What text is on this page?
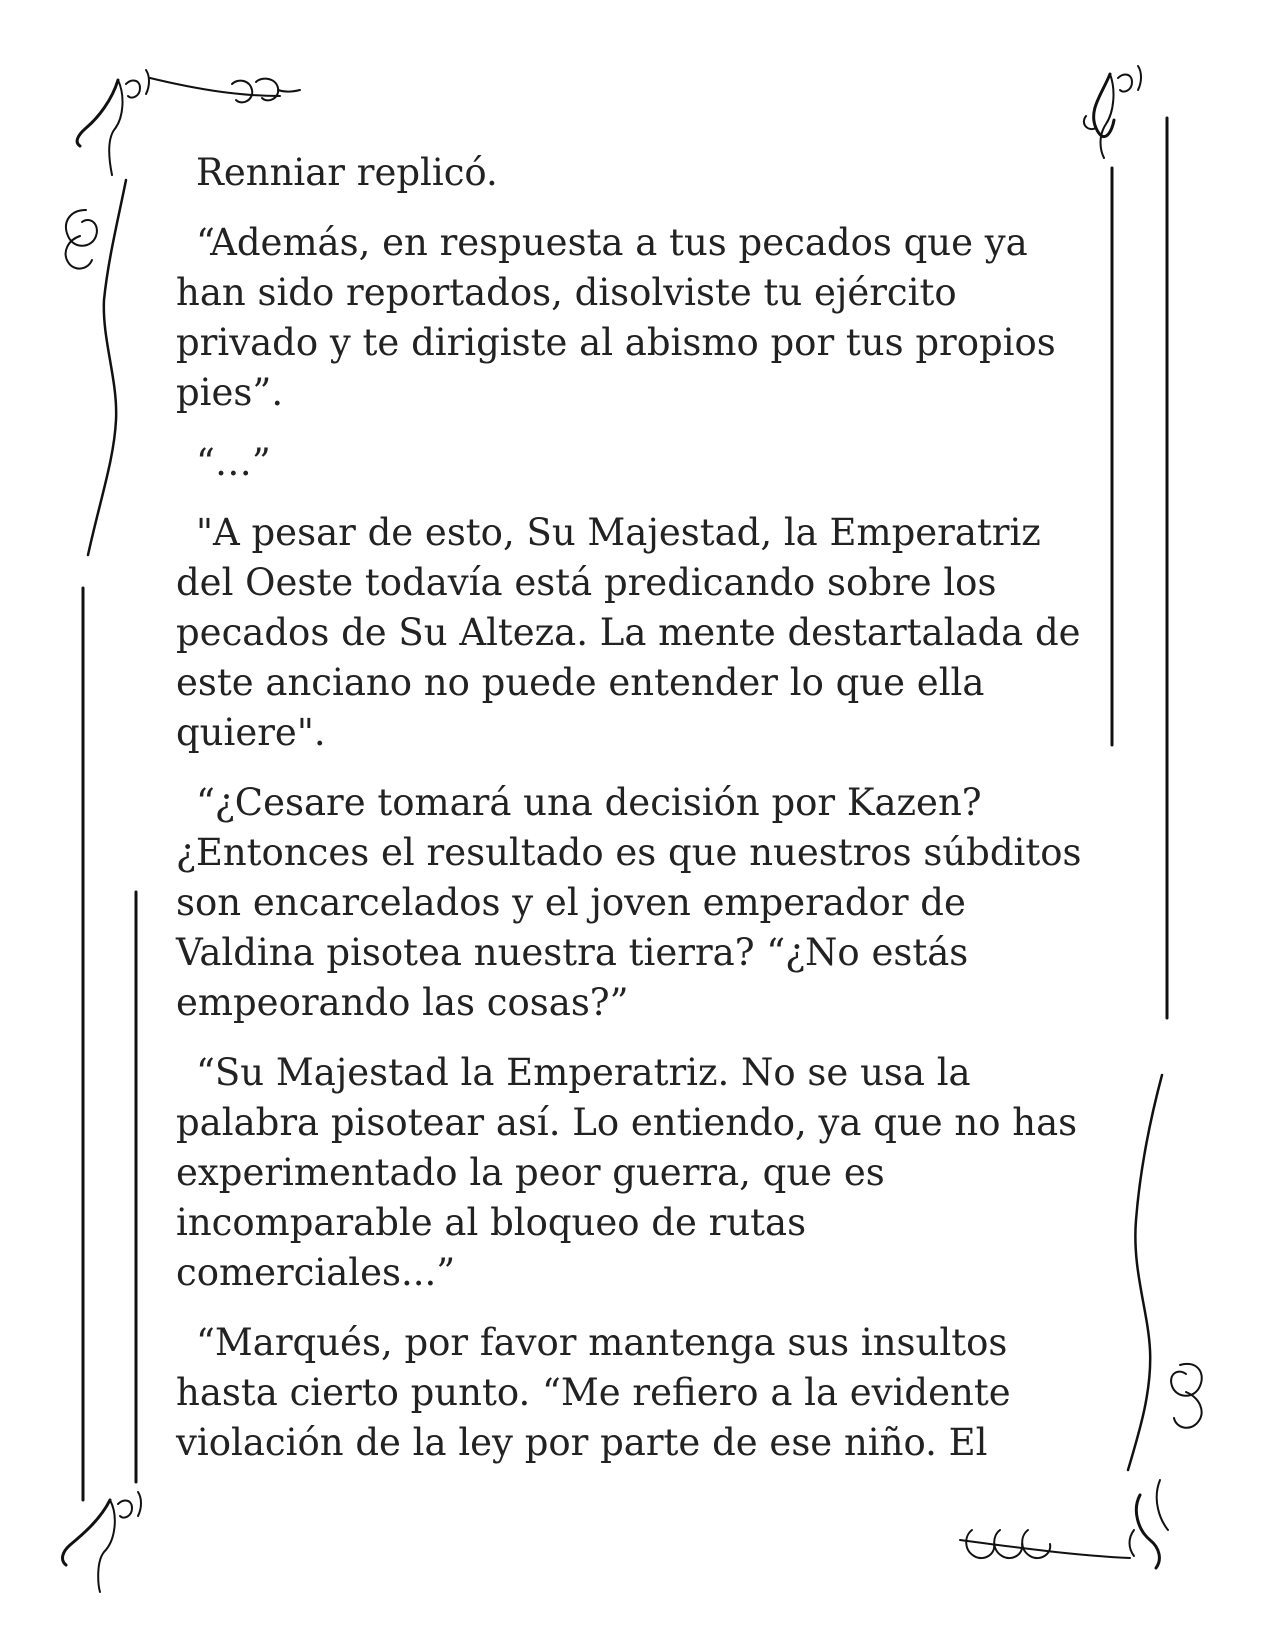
Renniar replicó.

“Además, en respuesta a tus pecados que ya han sido reportados, disolviste tu ejército privado y te dirigiste al abismo por tus propios pies”.

“…”

"A pesar de esto, Su Majestad, la Emperatriz del Oeste todavía está predicando sobre los pecados de Su Alteza. La mente destartalada de este anciano no puede entender lo que ella quiere".

“¿Cesare tomará una decisión por Kazen? ¿Entonces el resultado es que nuestros súbditos son encarcelados y el joven emperador de Valdina pisotea nuestra tierra? “¿No estás empeorando las cosas?”

“Su Majestad la Emperatriz. No se usa la palabra pisotear así. Lo entiendo, ya que no has experimentado la peor guerra, que es incomparable al bloqueo de rutas comerciales...”

“Marqués, por favor mantenga sus insultos hasta cierto punto. “Me refiero a la evidente violación de la ley por parte de ese niño. El
